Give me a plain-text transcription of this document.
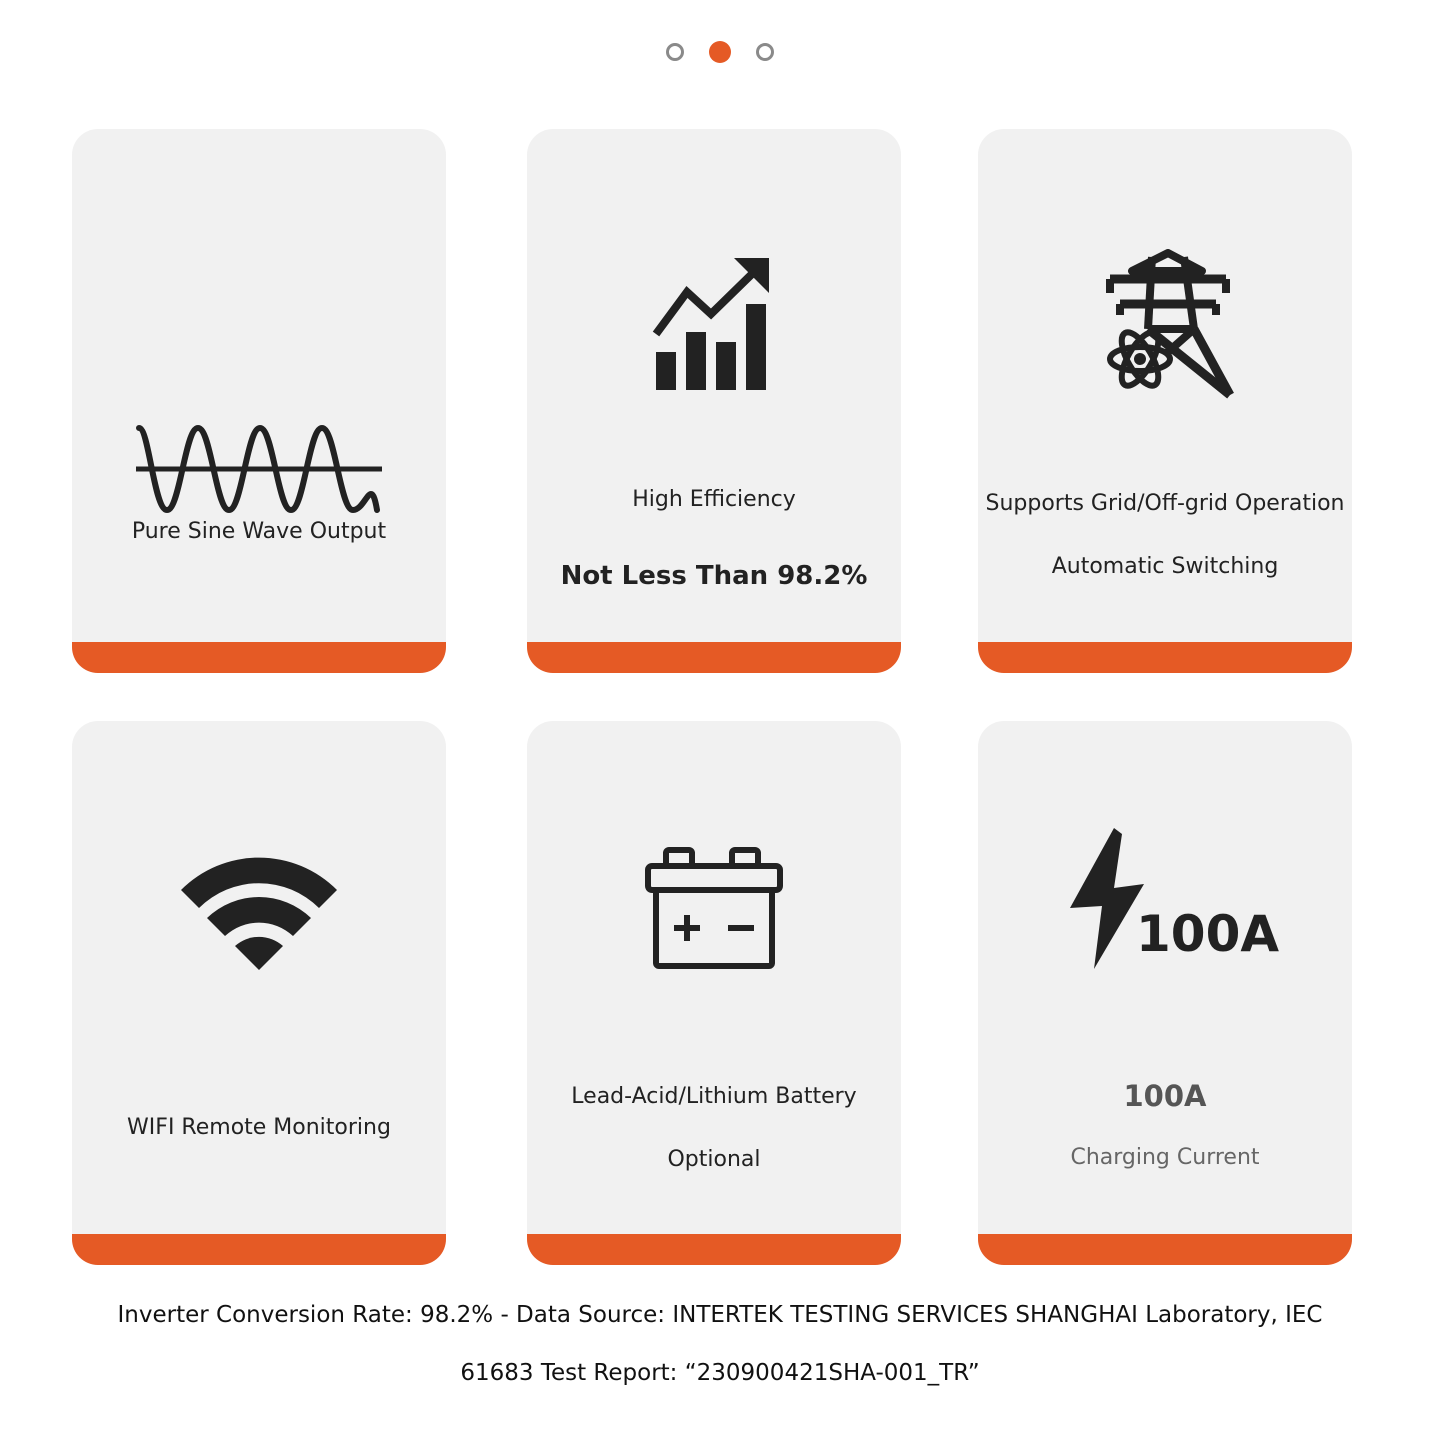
Pure Sine Wave Output
High Efficiency
Not Less Than 98.2%
Supports Grid/Off-grid Operation
Automatic Switching
WIFI Remote Monitoring
Lead-Acid/Lithium Battery
Optional
100A
100A
Charging Current
Inverter Conversion Rate: 98.2% - Data Source: INTERTEK TESTING SERVICES SHANGHAI Laboratory, IEC
61683 Test Report: “230900421SHA-001_TR”
